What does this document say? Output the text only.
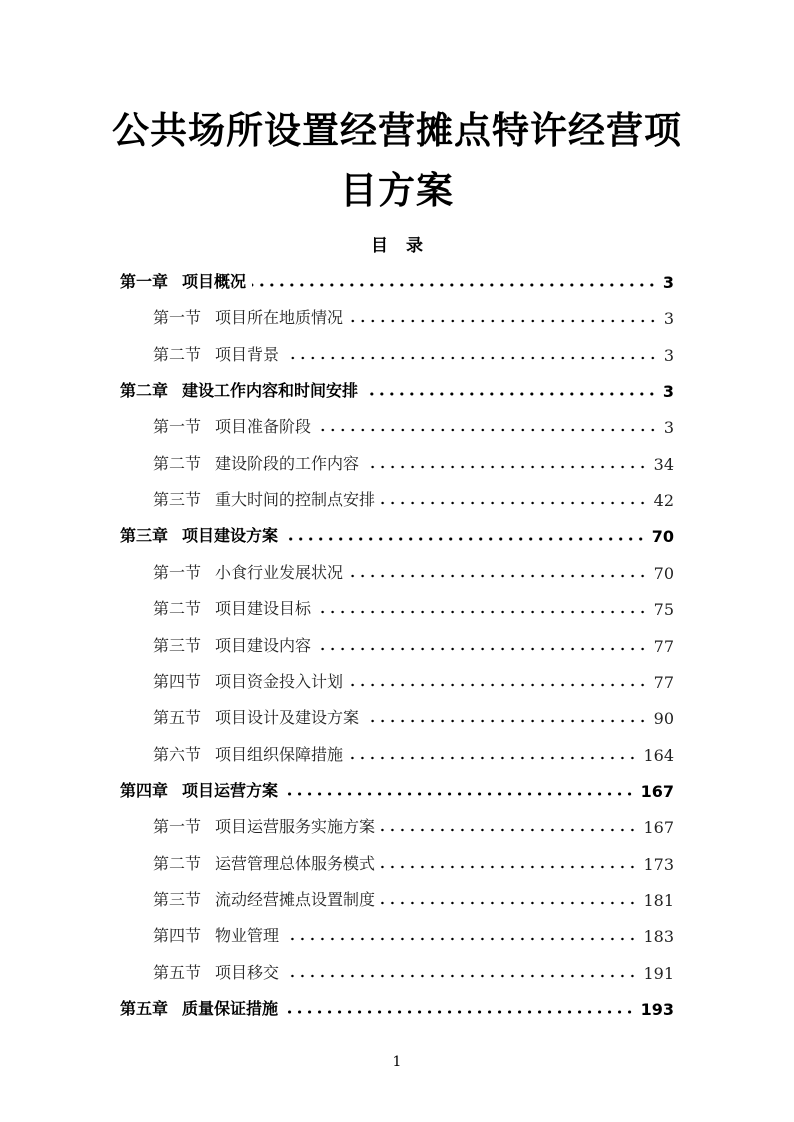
公共场所设置经营摊点特许经营项
目方案
目录
第一章 项目概况	3
第一节 项目所在地质情况	3
第二节 项目背景	3
第二章 建设工作内容和时间安排	3
第一节 项目准备阶段	3
第二节 建设阶段的工作内容	34
第三节 重大时间的控制点安排	42
第三章 项目建设方案	70
第一节 小食行业发展状况	70
第二节 项目建设目标	75
第三节 项目建设内容	77
第四节 项目资金投入计划	77
第五节 项目设计及建设方案	90
第六节 项目组织保障措施	164
第四章 项目运营方案	167
第一节 项目运营服务实施方案	167
第二节 运营管理总体服务模式	173
第三节 流动经营摊点设置制度	181
第四节 物业管理	183
第五节 项目移交	191
第五章 质量保证措施	193
1
